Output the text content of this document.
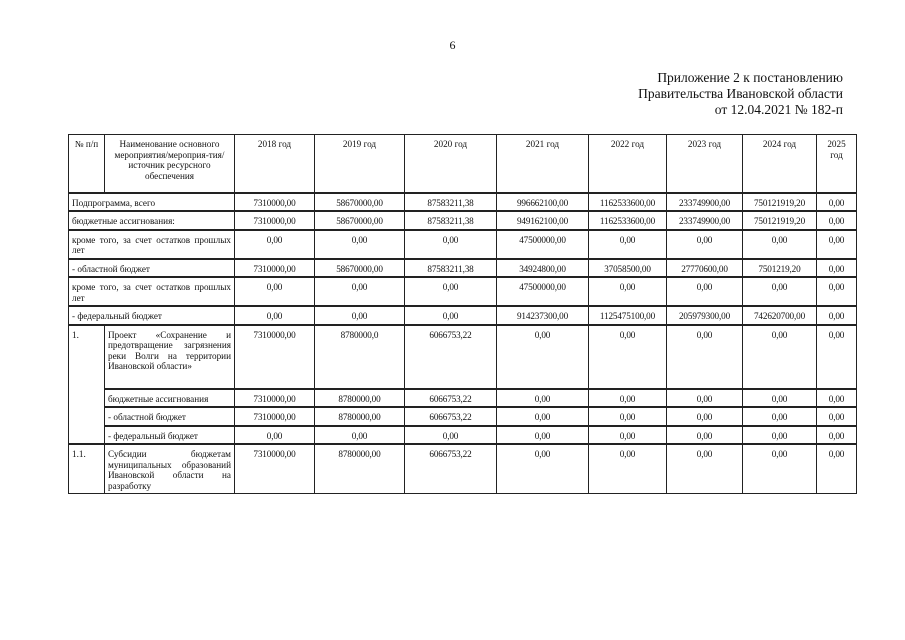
6
Приложение 2 к постановлению
Правительства Ивановской области
от 12.04.2021 № 182-п
№ п/п	Наименование основного мероприятия/мероприя-тия/источник ресурсного обеспечения	2018 год	2019 год	2020 год	2021 год	2022 год	2023 год	2024 год	2025 год
Подпрограмма, всего		7310000,00	58670000,00	87583211,38	996662100,00	1162533600,00	233749900,00	750121919,20	0,00
бюджетные ассигнования:		7310000,00	58670000,00	87583211,38	949162100,00	1162533600,00	233749900,00	750121919,20	0,00
кроме того, за счет остатков прошлых лет		0,00	0,00	0,00	47500000,00	0,00	0,00	0,00	0,00
- областной бюджет		7310000,00	58670000,00	87583211,38	34924800,00	37058500,00	27770600,00	7501219,20	0,00
кроме того, за счет остатков прошлых лет		0,00	0,00	0,00	47500000,00	0,00	0,00	0,00	0,00
- федеральный бюджет		0,00	0,00	0,00	914237300,00	1125475100,00	205979300,00	742620700,00	0,00
1.	Проект «Сохранение и предотвращение загрязнения реки Волги на территории Ивановской области»	7310000,00	8780000,0	6066753,22	0,00	0,00	0,00	0,00	0,00
	бюджетные ассигнования	7310000,00	8780000,00	6066753,22	0,00	0,00	0,00	0,00	0,00
	- областной бюджет	7310000,00	8780000,00	6066753,22	0,00	0,00	0,00	0,00	0,00
	- федеральный бюджет	0,00	0,00	0,00	0,00	0,00	0,00	0,00	0,00
1.1.	Субсидии бюджетам муниципальных образований Ивановской области на разработку	7310000,00	8780000,00	6066753,22	0,00	0,00	0,00	0,00	0,00
